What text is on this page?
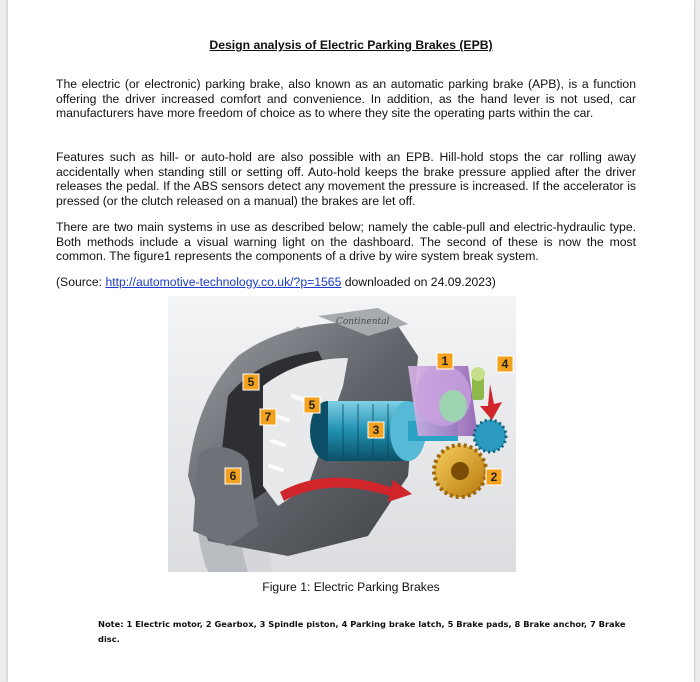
Design analysis of Electric Parking Brakes (EPB)

The electric (or electronic) parking brake, also known as an automatic parking brake (APB), is a function offering the driver increased comfort and convenience. In addition, as the hand lever is not used, car manufacturers have more freedom of choice as to where they site the operating parts within the car.

Features such as hill- or auto-hold are also possible with an EPB. Hill-hold stops the car rolling away accidentally when standing still or setting off. Auto-hold keeps the brake pressure applied after the driver releases the pedal. If the ABS sensors detect any movement the pressure is increased. If the accelerator is pressed (or the clutch released on a manual) the brakes are let off.

There are two main systems in use as described below; namely the cable-pull and electric-hydraulic type. Both methods include a visual warning light on the dashboard. The second of these is now the most common. The figure1 represents the components of a drive by wire system break system.

(Source: http://automotive-technology.co.uk/?p=1565 downloaded on 24.09.2023)

Continental
1	4
5
5
7
3
6	2
Figure 1: Electric Parking Brakes
Note: 1 Electric motor, 2 Gearbox, 3 Spindle piston, 4 Parking brake latch, 5 Brake pads, 8 Brake anchor, 7 Brake disc.
